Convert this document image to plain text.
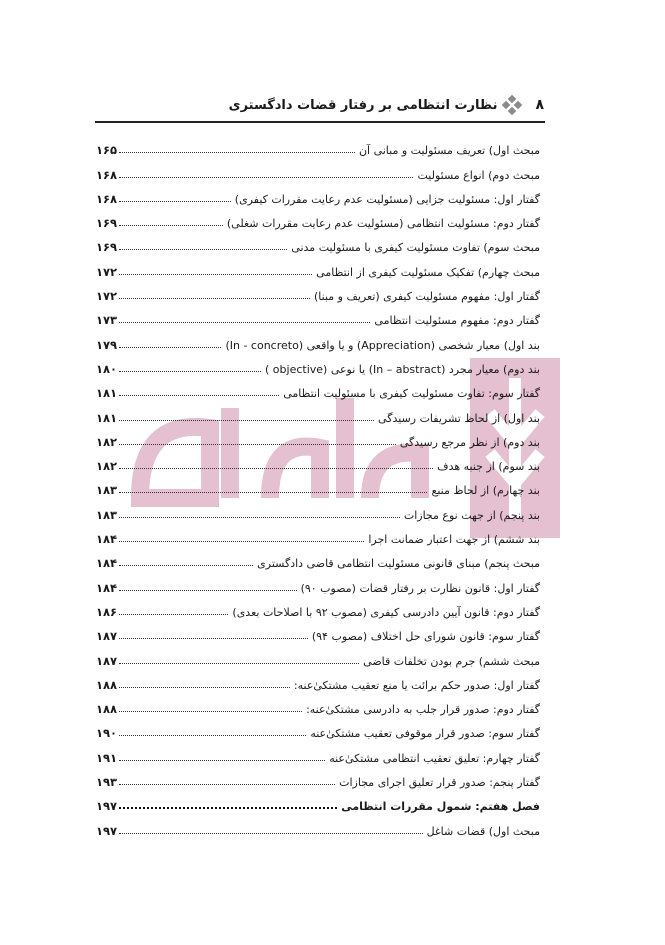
۸
نظارت انتظامی بر رفتار قضات دادگستری
مبحث اول) تعریف مسئولیت و مبانی آن
۱۶۵
مبحث دوم) انواع مسئولیت
۱۶۸
گفتار اول: مسئولیت جزایی (مسئولیت عدم رعایت مقررات کیفری)
۱۶۸
گفتار دوم: مسئولیت انتظامی (مسئولیت عدم رعایت مقررات شغلی)
۱۶۹
مبحث سوم) تفاوت مسئولیت کیفری با مسئولیت مدنی
۱۶۹
مبحث چهارم) تفکیک مسئولیت کیفری از انتظامی
۱۷۲
گفتار اول: مفهوم مسئولیت کیفری (تعریف و مبنا)
۱۷۲
گفتار دوم: مفهوم مسئولیت انتظامی
۱۷۳
بند اول) معیار شخصی (Appreciation) و یا واقعی (In - concreto)
۱۷۹
بند دوم) معیار مجرد (In – abstract) یا نوعی (objective )
۱۸۰
گفتار سوم: تفاوت مسئولیت کیفری با مسئولیت انتظامی
۱۸۱
بند اول) از لحاظ تشریفات رسیدگی
۱۸۱
بند دوم) از نظر مرجع رسیدگی
۱۸۲
بند سوم) از جنبه هدف
۱۸۲
بند چهارم) از لحاظ منبع
۱۸۳
بند پنجم) از جهت نوع مجازات
۱۸۳
بند ششم) از جهت اعتبار ضمانت اجرا
۱۸۴
مبحث پنجم) مبنای قانونی مسئولیت انتظامی قاضی دادگستری
۱۸۴
گفتار اول: قانون نظارت بر رفتار قضات (مصوب ۹۰)
۱۸۴
گفتار دوم: قانون آیین دادرسی کیفری (مصوب ۹۲ با اصلاحات بعدی)
۱۸۶
گفتار سوم: قانون شورای حل اختلاف (مصوب ۹۴)
۱۸۷
مبحث ششم) جرم بودن تخلفات قاضی
۱۸۷
گفتار اول: صدور حکم برائت یا منع تعقیب مشتکیٰ‌عنه:
۱۸۸
گفتار دوم: صدور قرار جلب به دادرسی مشتکیٰ‌عنه:
۱۸۸
گفتار سوم: صدور قرار موقوفی تعقیب مشتکیٰ‌عنه
۱۹۰
گفتار چهارم: تعلیق تعقیب انتظامی مشتکیٰ‌عنه
۱۹۱
گفتار پنجم: صدور قرار تعلیق اجرای مجازات
۱۹۳
فصل هفتم: شمول مقررات انتظامی
۱۹۷
مبحث اول) قضات شاغل
۱۹۷
